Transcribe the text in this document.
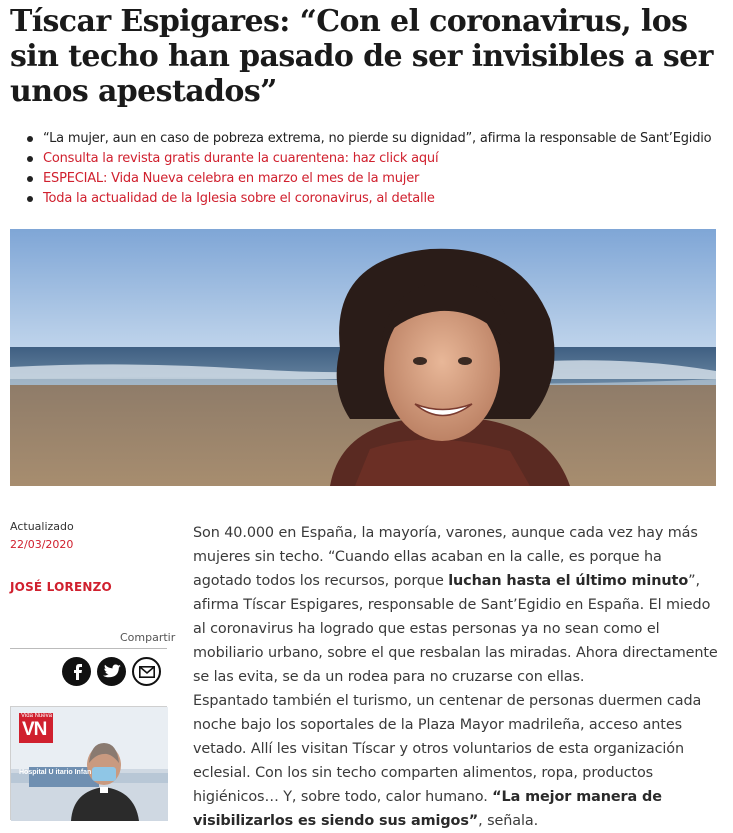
Tíscar Espigares: “Con el coronavirus, los sin techo han pasado de ser invisibles a ser unos apestados”
“La mujer, aun en caso de pobreza extrema, no pierde su dignidad”, afirma la responsable de Sant’Egidio
Consulta la revista gratis durante la cuarentena: haz click aquí
ESPECIAL: Vida Nueva celebra en marzo el mes de la mujer
Toda la actualidad de la Iglesia sobre el coronavirus, al detalle
Actualizado
22/03/2020
JOSÉ LORENZO
Compartir
Vida Nueva
VN
Hospital U itario Infan

Son 40.000 en España, la mayoría, varones, aunque cada vez hay más mujeres sin techo. “Cuando ellas acaban en la calle, es porque ha agotado todos los recursos, porque luchan hasta el último minuto”, afirma Tíscar Espigares, responsable de Sant’Egidio en España. El miedo al coronavirus ha logrado que estas personas ya no sean como el mobiliario urbano, sobre el que resbalan las miradas. Ahora directamente se las evita, se da un rodea para no cruzarse con ellas.

Espantado también el turismo, un centenar de personas duermen cada noche bajo los soportales de la Plaza Mayor madrileña, acceso antes vetado. Allí les visitan Tíscar y otros voluntarios de esta organización eclesial. Con los sin techo comparten alimentos, ropa, productos higiénicos… Y, sobre todo, calor humano. “La mejor manera de visibilizarlos es siendo sus amigos”, señala.
